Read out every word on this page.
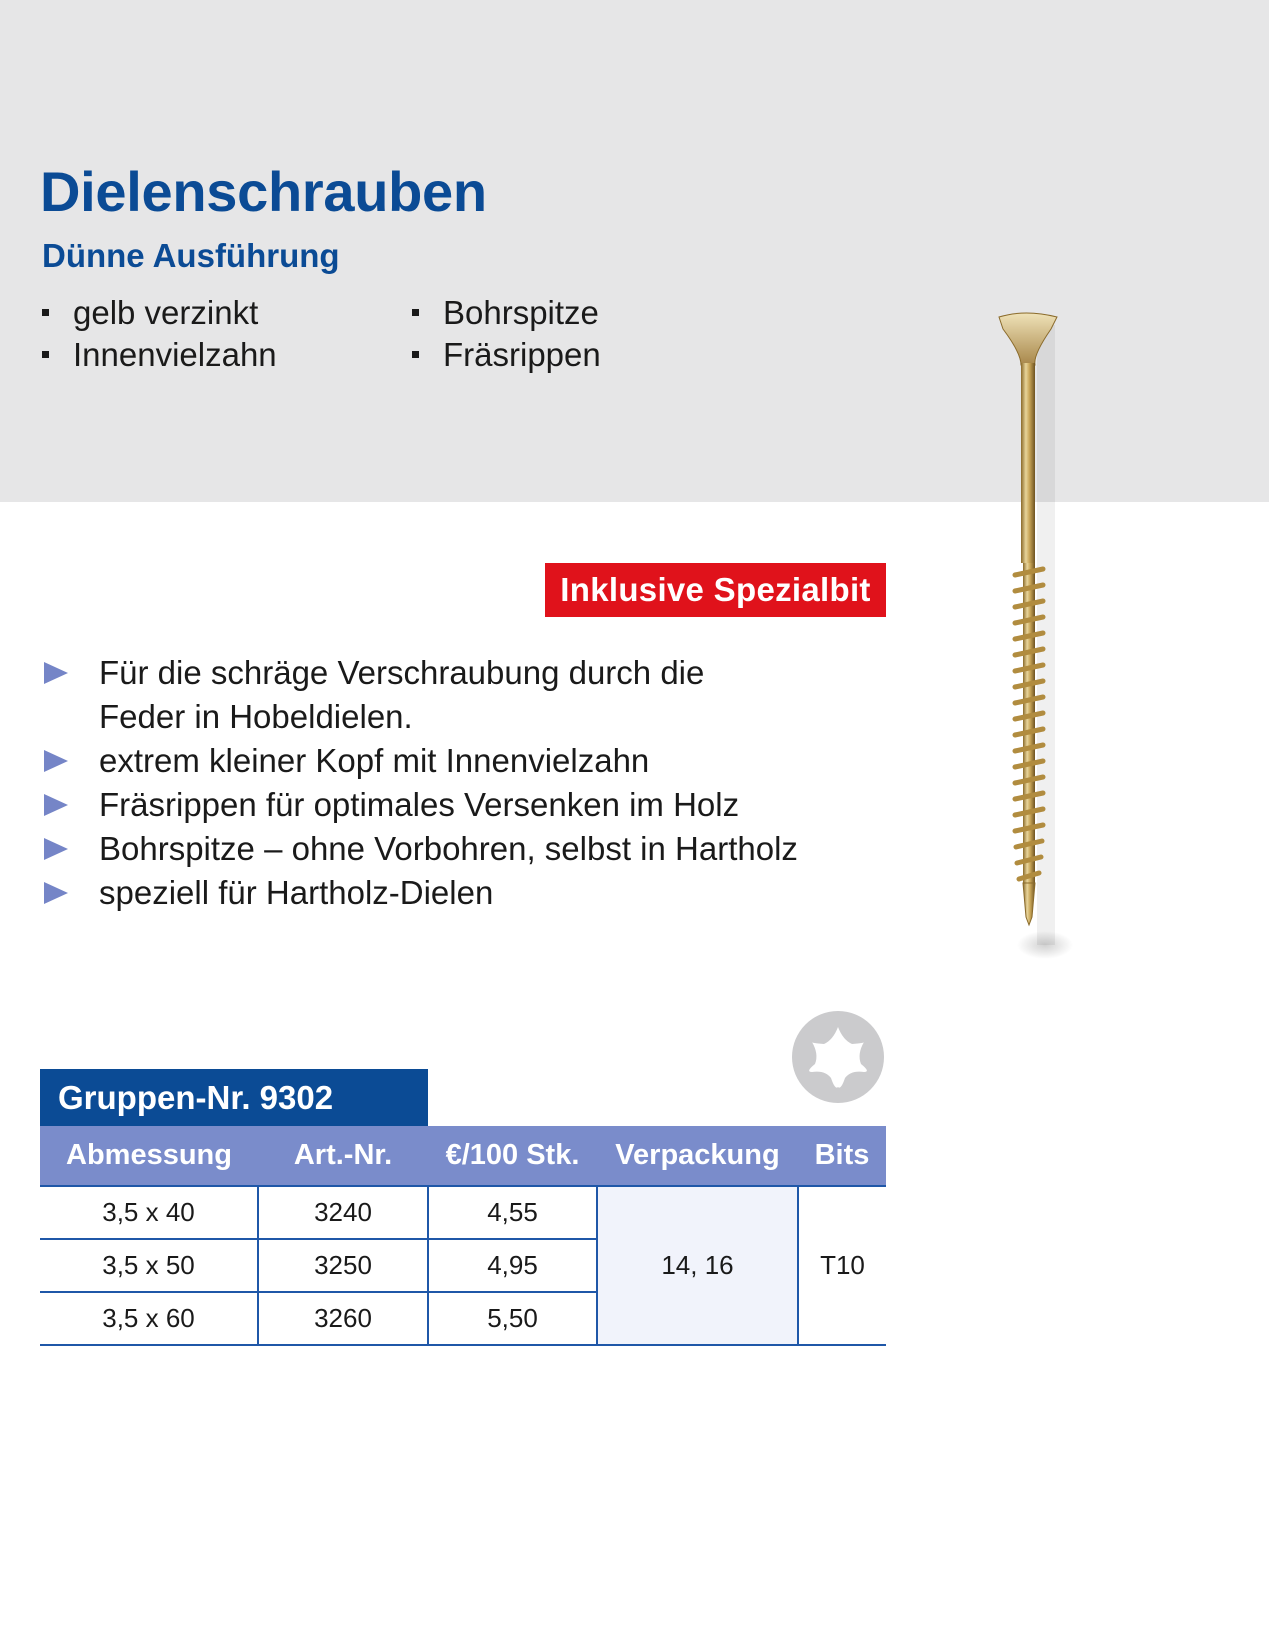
Dielenschrauben
Dünne Ausführung
gelb verzinkt
Innenvielzahn
Bohrspitze
Fräsrippen
Inklusive Spezialbit
Für die schräge Verschraubung durch die
Feder in Hobeldielen.
extrem kleiner Kopf mit Innenvielzahn
Fräsrippen für optimales Versenken im Holz
Bohrspitze – ohne Vorbohren, selbst in Hartholz
speziell für Hartholz-Dielen
Gruppen-Nr. 9302
Abmessung	Art.-Nr.	€/100 Stk.	Verpackung	Bits
3,5 x 40	3240	4,55	14, 16	T10
3,5 x 50	3250	4,95		
3,5 x 60	3260	5,50		
